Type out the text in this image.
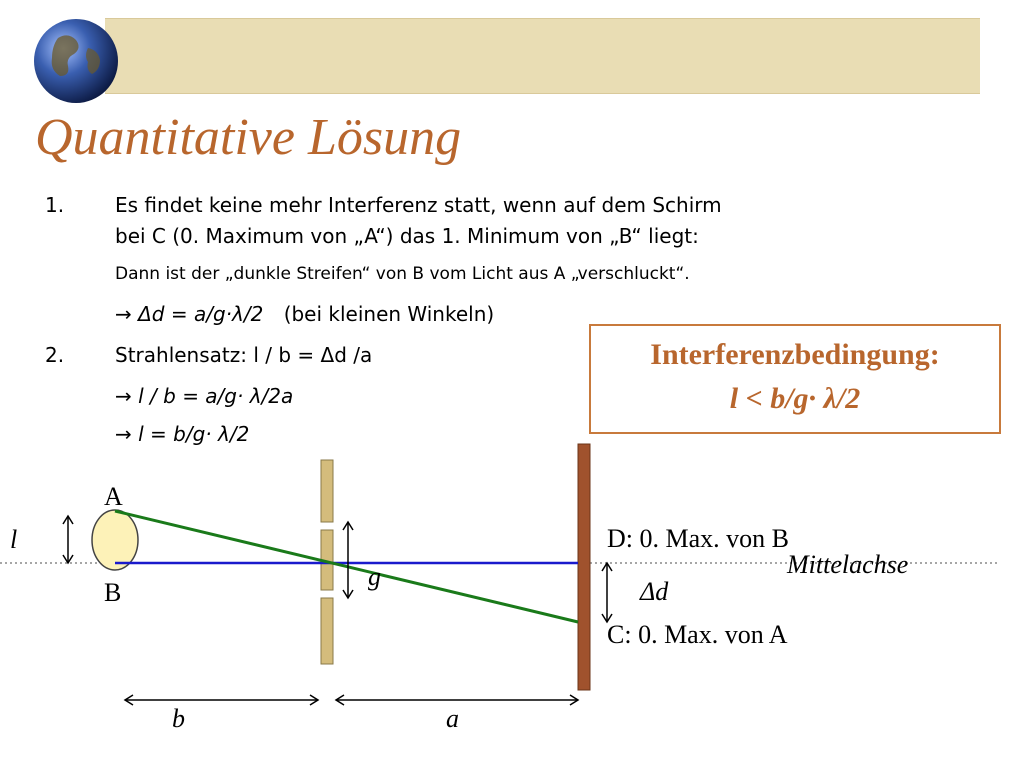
Quantitative Lösung
1.	Es findet keine mehr Interferenz statt, wenn auf dem Schirm
bei C (0. Maximum von „A“) das 1. Minimum von „B“ liegt:
Dann ist der „dunkle Streifen“ von B vom Licht aus A „verschluckt“.
→ Δd = a/g·λ/2 (bei kleinen Winkeln)
2.	Strahlensatz: l / b = Δd /a
→ l / b = a/g· λ/2a
→ l = b/g· λ/2
Interferenzbedingung:
l < b/g· λ/2
A
B
l
g
b	a
D: 0. Max. von B
Mittelachse
Δd
C: 0. Max. von A
